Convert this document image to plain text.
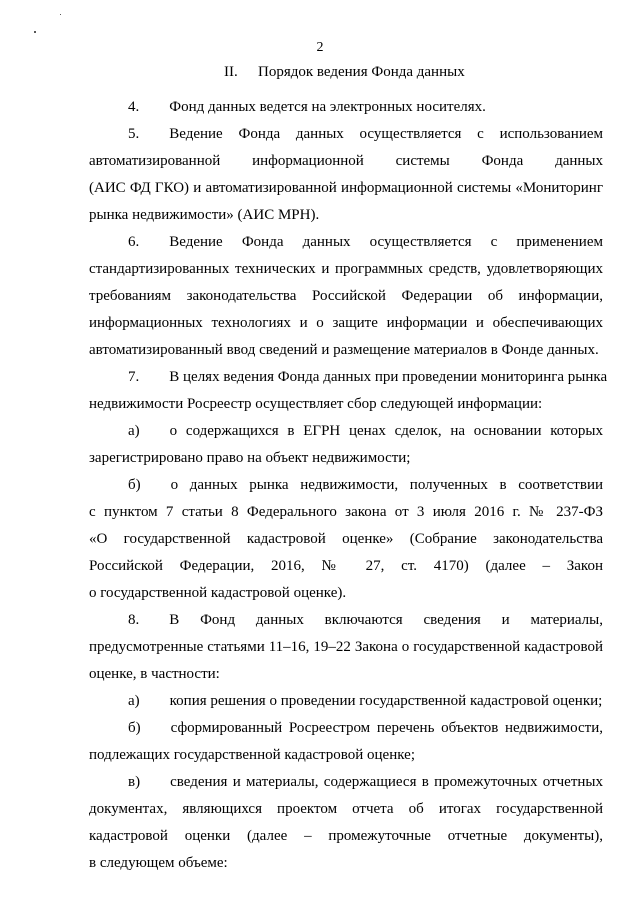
2
II. Порядок ведения Фонда данных
4.  Фонд данных ведется на электронных носителях.
5.  Ведение Фонда данных осуществляется с использованием
автоматизированной информационной системы Фонда данных
(АИС ФД ГКО) и автоматизированной информационной системы «Мониторинг
рынка недвижимости» (АИС МРН).
6.  Ведение Фонда данных осуществляется с применением
стандартизированных технических и программных средств, удовлетворяющих
требованиям законодательства Российской Федерации об информации,
информационных технологиях и о защите информации и обеспечивающих
автоматизированный ввод сведений и размещение материалов в Фонде данных.
7.  В целях ведения Фонда данных при проведении мониторинга рынка
недвижимости Росреестр осуществляет сбор следующей информации:
а)  о содержащихся в ЕГРН ценах сделок, на основании которых
зарегистрировано право на объект недвижимости;
б)  о данных рынка недвижимости, полученных в соответствии
с пунктом 7 статьи 8 Федерального закона от 3 июля 2016 г. № 237-ФЗ
«О государственной кадастровой оценке» (Собрание законодательства
Российской Федерации, 2016, № 27, ст. 4170) (далее – Закон
о государственной кадастровой оценке).
8.  В Фонд данных включаются сведения и материалы,
предусмотренные статьями 11–16, 19–22 Закона о государственной кадастровой
оценке, в частности:
а)  копия решения о проведении государственной кадастровой оценки;
б)  сформированный Росреестром перечень объектов недвижимости,
подлежащих государственной кадастровой оценке;
в)  сведения и материалы, содержащиеся в промежуточных отчетных
документах, являющихся проектом отчета об итогах государственной
кадастровой оценки (далее – промежуточные отчетные документы),
в следующем объеме:
